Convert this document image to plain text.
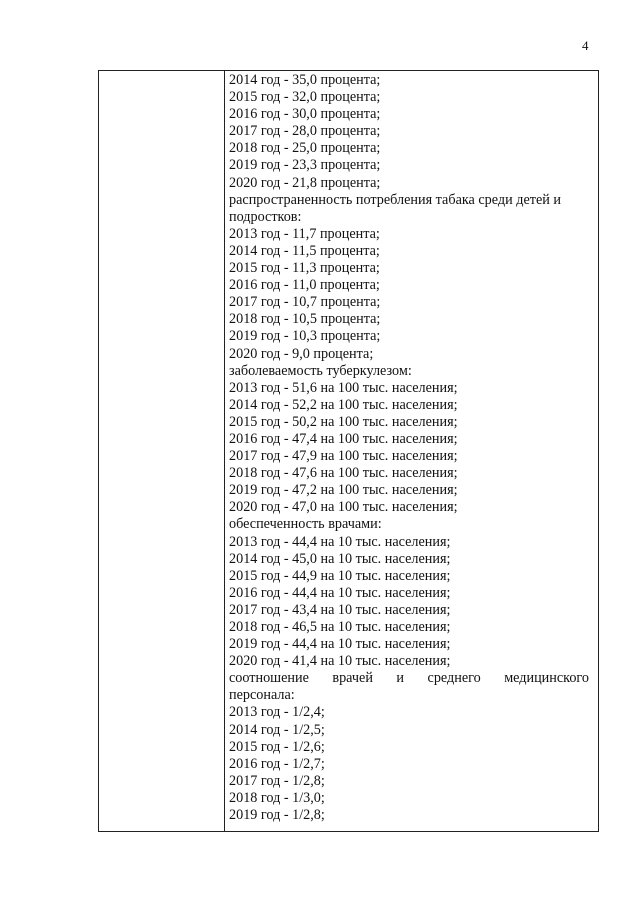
4
2014 год - 35,0 процента;
2015 год - 32,0 процента;
2016 год - 30,0 процента;
2017 год - 28,0 процента;
2018 год - 25,0 процента;
2019 год - 23,3 процента;
2020 год - 21,8 процента;
распространенность потребления табака среди детей и
подростков:
2013 год - 11,7 процента;
2014 год - 11,5 процента;
2015 год - 11,3 процента;
2016 год - 11,0 процента;
2017 год - 10,7 процента;
2018 год - 10,5 процента;
2019 год - 10,3 процента;
2020 год - 9,0 процента;
заболеваемость туберкулезом:
2013 год - 51,6 на 100 тыс. населения;
2014 год - 52,2 на 100 тыс. населения;
2015 год - 50,2 на 100 тыс. населения;
2016 год - 47,4 на 100 тыс. населения;
2017 год - 47,9 на 100 тыс. населения;
2018 год - 47,6 на 100 тыс. населения;
2019 год - 47,2 на 100 тыс. населения;
2020 год - 47,0 на 100 тыс. населения;
обеспеченность врачами:
2013 год - 44,4 на 10 тыс. населения;
2014 год - 45,0 на 10 тыс. населения;
2015 год - 44,9 на 10 тыс. населения;
2016 год - 44,4 на 10 тыс. населения;
2017 год - 43,4 на 10 тыс. населения;
2018 год - 46,5 на 10 тыс. населения;
2019 год - 44,4 на 10 тыс. населения;
2020 год - 41,4 на 10 тыс. населения;
соотношение врачей и среднего медицинского
персонала:
2013 год - 1/2,4;
2014 год - 1/2,5;
2015 год - 1/2,6;
2016 год - 1/2,7;
2017 год - 1/2,8;
2018 год - 1/3,0;
2019 год - 1/2,8;
